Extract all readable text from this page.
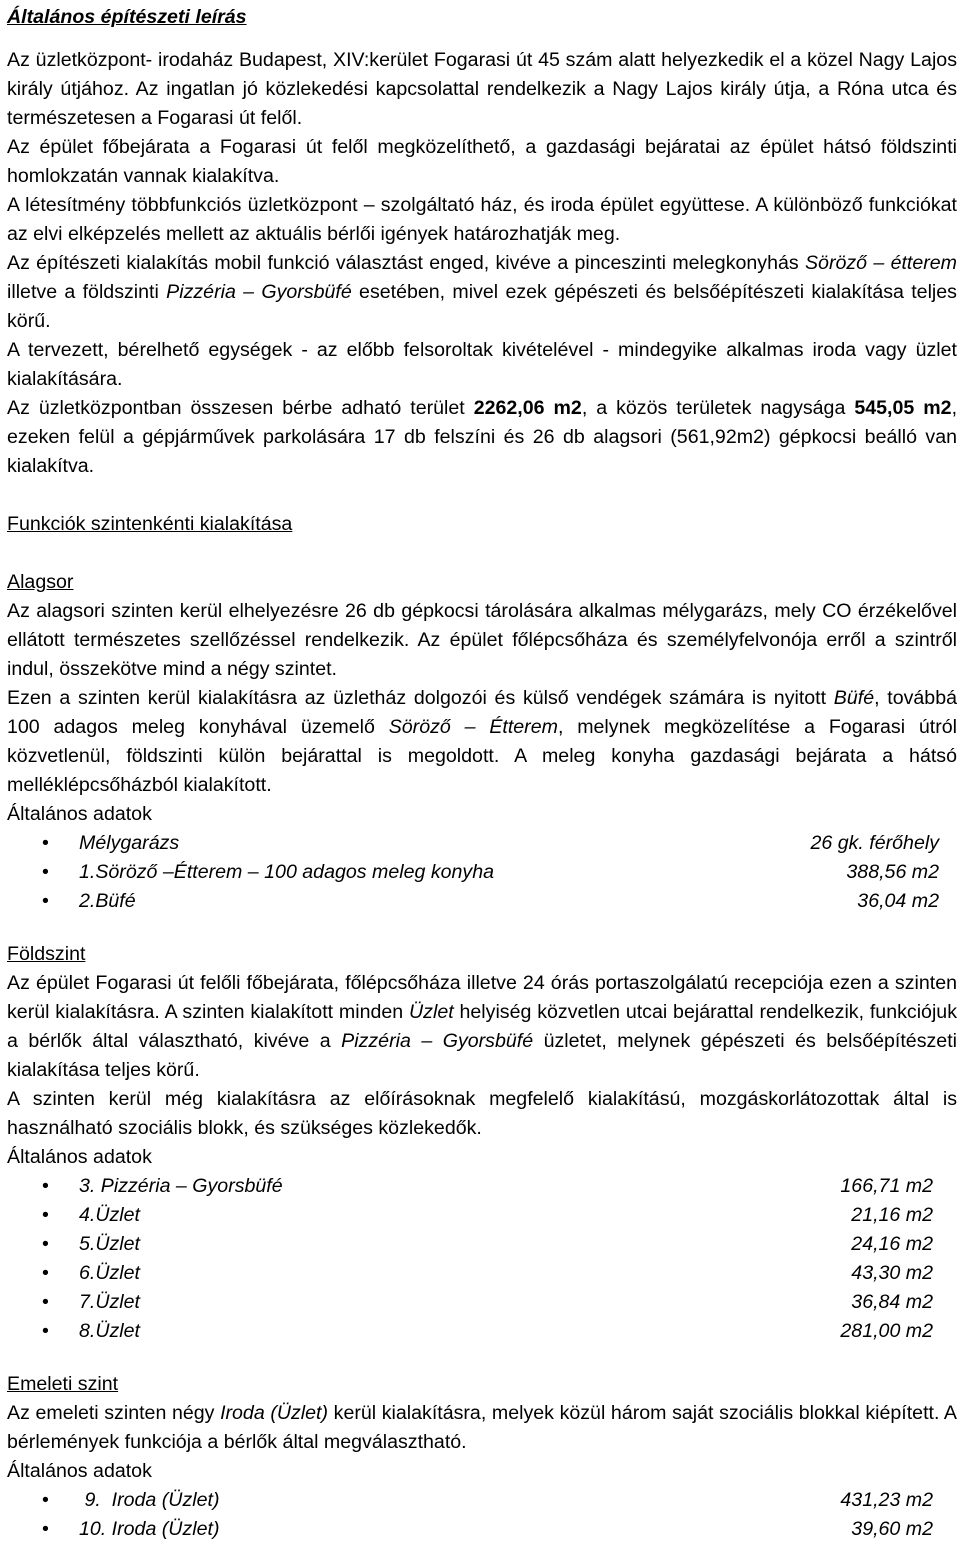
Általános építészeti leírás

Az üzletközpont- irodaház Budapest, XIV:kerület Fogarasi út 45 szám alatt helyezkedik el a közel Nagy Lajos király útjához. Az ingatlan jó közlekedési kapcsolattal rendelkezik a Nagy Lajos király útja, a Róna utca és természetesen a Fogarasi út felől.

Az épület főbejárata a Fogarasi út felől megközelíthető, a gazdasági bejáratai az épület hátsó földszinti homlokzatán vannak kialakítva.

A létesítmény többfunkciós üzletközpont – szolgáltató ház, és iroda épület együttese. A különböző funkciókat az elvi elképzelés mellett az aktuális bérlői igények határozhatják meg.

Az építészeti kialakítás mobil funkció választást enged, kivéve a pinceszinti melegkonyhás Söröző – étterem illetve a földszinti Pizzéria – Gyorsbüfé esetében, mivel ezek gépészeti és belsőépítészeti kialakítása teljes körű.

A tervezett, bérelhető egységek - az előbb felsoroltak kivételével - mindegyike alkalmas iroda vagy üzlet kialakítására.

Az üzletközpontban összesen bérbe adható terület 2262,06 m2, a közös területek nagysága 545,05 m2, ezeken felül a gépjárművek parkolására 17 db felszíni és 26 db alagsori (561,92m2) gépkocsi beálló van kialakítva.

Funkciók szintenkénti kialakítása

Alagsor

Az alagsori szinten kerül elhelyezésre 26 db gépkocsi tárolására alkalmas mélygarázs, mely CO érzékelővel ellátott természetes szellőzéssel rendelkezik. Az épület főlépcsőháza és személyfelvonója erről a szintről indul, összekötve mind a négy szintet.

Ezen a szinten kerül kialakításra az üzletház dolgozói és külső vendégek számára is nyitott Büfé, továbbá 100 adagos meleg konyhával üzemelő Söröző – Étterem, melynek megközelítése a Fogarasi útról közvetlenül, földszinti külön bejárattal is megoldott. A meleg konyha gazdasági bejárata a hátsó melléklépcsőházból kialakított.

Általános adatok

• Mélygarázs	26 gk. férőhely
• 1.Söröző –Étterem – 100 adagos meleg konyha	388,56 m2
• 2.Büfé	36,04 m2

Földszint

Az épület Fogarasi út felőli főbejárata, főlépcsőháza illetve 24 órás portaszolgálatú recepciója ezen a szinten kerül kialakításra. A szinten kialakított minden Üzlet helyiség közvetlen utcai bejárattal rendelkezik, funkciójuk a bérlők által választható, kivéve a Pizzéria – Gyorsbüfé üzletet, melynek gépészeti és belsőépítészeti kialakítása teljes körű.

A szinten kerül még kialakításra az előírásoknak megfelelő kialakítású, mozgáskorlátozottak által is használható szociális blokk, és szükséges közlekedők.

Általános adatok

• 3. Pizzéria – Gyorsbüfé	166,71 m2
• 4.Üzlet	21,16 m2
• 5.Üzlet	24,16 m2
• 6.Üzlet	43,30 m2
• 7.Üzlet	36,84 m2
• 8.Üzlet	281,00 m2

Emeleti szint

Az emeleti szinten négy Iroda (Üzlet) kerül kialakításra, melyek közül három saját szociális blokkal kiépített. A bérlemények funkciója a bérlők által megválasztható.

Általános adatok

• 9.  Iroda (Üzlet)	431,23 m2
• 10. Iroda (Üzlet)	39,60 m2
